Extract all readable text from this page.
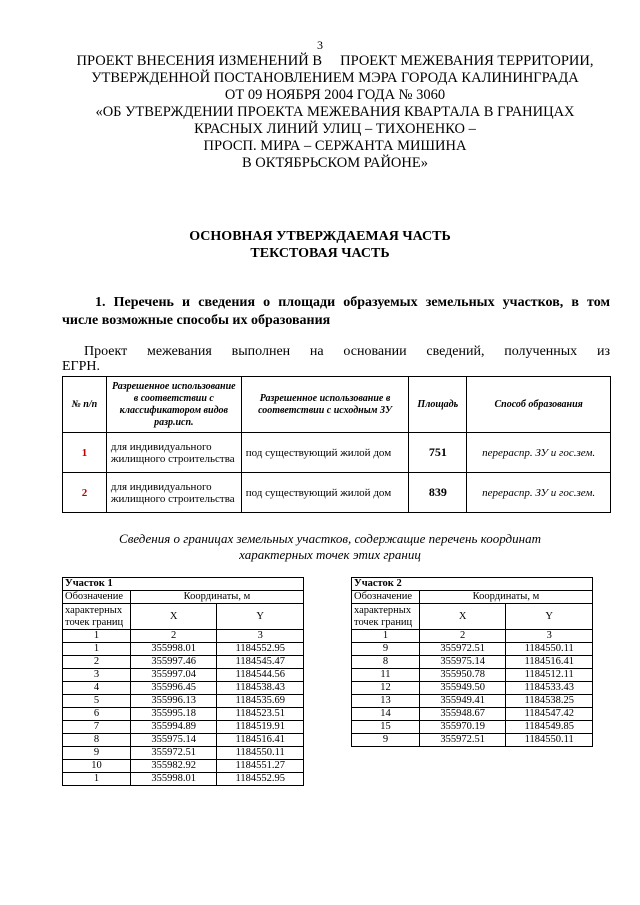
3
ПРОЕКТ ВНЕСЕНИЯ ИЗМЕНЕНИЙ В     ПРОЕКТ МЕЖЕВАНИЯ ТЕРРИТОРИИ,
УТВЕРЖДЕННОЙ ПОСТАНОВЛЕНИЕМ МЭРА ГОРОДА КАЛИНИНГРАДА
ОТ 09 НОЯБРЯ 2004 ГОДА № 3060
«ОБ УТВЕРЖДЕНИИ ПРОЕКТА МЕЖЕВАНИЯ КВАРТАЛА В ГРАНИЦАХ
КРАСНЫХ ЛИНИЙ УЛИЦ – ТИХОНЕНКО –
ПРОСП. МИРА – СЕРЖАНТА МИШИНА
В ОКТЯБРЬСКОМ РАЙОНЕ»
ОСНОВНАЯ УТВЕРЖДАЕМАЯ ЧАСТЬ
ТЕКСТОВАЯ ЧАСТЬ
1. Перечень и сведения о площади образуемых земельных участков, в том
числе возможные способы их образования
Проект межевания выполнен на основании сведений, полученных из
ЕГРН.
№ п/п	Разрешенное использование в соответствии с классификатором видов разр.исп.	Разрешенное использование в соответствии с исходным ЗУ	Площадь	Способ образования
1	для индивидуального жилищного строительства	под существующий жилой дом	751	перераспр. ЗУ и гос.зем.
2	для индивидуального жилищного строительства	под существующий жилой дом	839	перераспр. ЗУ и гос.зем.
Сведения о границах земельных участков, содержащие перечень координат
характерных точек этих границ
Участок 1		
Обозначение	Координаты, м	
характерных точек границ	X	Y
1	2	3
1	355998.01	1184552.95
2	355997.46	1184545.47
3	355997.04	1184544.56
4	355996.45	1184538.43
5	355996.13	1184535.69
6	355995.18	1184523.51
7	355994.89	1184519.91
8	355975.14	1184516.41
9	355972.51	1184550.11
10	355982.92	1184551.27
1	355998.01	1184552.95
Участок 2		
Обозначение	Координаты, м	
характерных точек границ	X	Y
1	2	3
9	355972.51	1184550.11
8	355975.14	1184516.41
11	355950.78	1184512.11
12	355949.50	1184533.43
13	355949.41	1184538.25
14	355948.67	1184547.42
15	355970.19	1184549.85
9	355972.51	1184550.11
